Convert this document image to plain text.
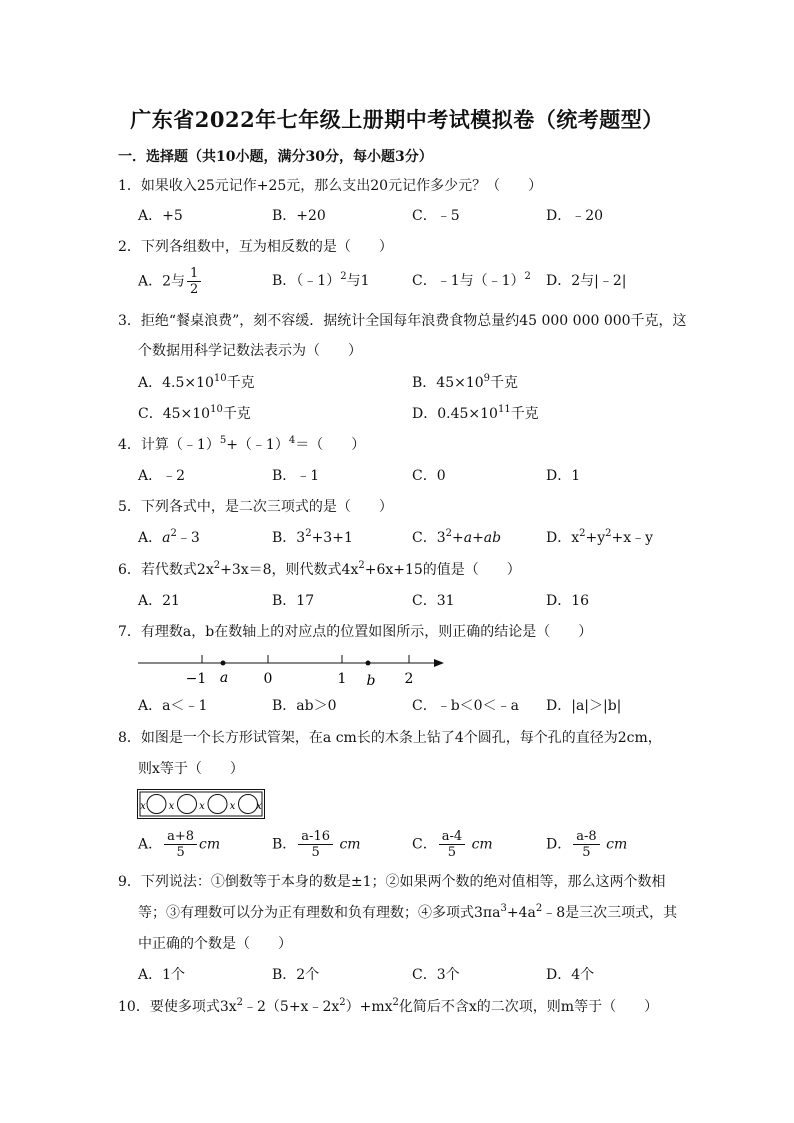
广东省2022年七年级上册期中考试模拟卷（统考题型）
一．选择题（共10小题，满分30分，每小题3分）
1．如果收入25元记作+25元，那么支出20元记作多少元？（　　）
A．+5	B．+20	C．﹣5	D．﹣20
2．下列各组数中，互为相反数的是（　　）
A．2与 $\frac{1}{2}$	B．（﹣1）$^2$与1	C．﹣1与（﹣1）$^2$ D．2与|﹣2|
3．拒绝“餐桌浪费”，刻不容缓．据统计全国每年浪费食物总量约45 000 000 000千克，这
个数据用科学记数法表示为（　　）
A．$4.5\times 10^{10}$千克	B．$45\times 10^9$千克
C．$45\times 10^{10}$千克	D．$0.45\times 10^{11}$千克
4．计算（﹣1）$^5$+（﹣1）$^4$＝（　　）
A．﹣2	B．﹣1	C．0	D．1
5．下列各式中，是二次三项式的是（　　）
A．$a^2﹣3$	B．$3^2+3+1$	C．$3^2+a+ab$	D．$x^2+y^2+x﹣y$
6．若代数式$2x^2+3x=8$，则代数式$4x^2+6x+15$的值是（　　）
A．21	B．17	C．31	D．16
7．有理数a，b在数轴上的对应点的位置如图所示，则正确的结论是（　　）
−1	0	1	2
a	b
A．a＜﹣1	B．ab＞0	C．﹣b＜0＜﹣a D．|a|＞|b|
8．如图是一个长方形试管架，在a cm长的木条上钻了4个圆孔，每个孔的直径为2cm，
则x等于（　　）
x x x x x
A． $\frac{a+8}{5}$ cm	B． $\frac{a-16}{5}$ cm	C． $\frac{a-4}{5}$ cm	D． $\frac{a-8}{5}$ cm
9．下列说法：①倒数等于本身的数是±1；②如果两个数的绝对值相等，那么这两个数相
等；③有理数可以分为正有理数和负有理数；④多项式$3\pi a^3+4a^2﹣8$是三次三项式，其
中正确的个数是（　　）
A．1个	B．2个	C．3个	D．4个
10．要使多项式$3x^2﹣2(5+x﹣2x^2)+mx^2$化简后不含x的二次项，则m等于（　　）
